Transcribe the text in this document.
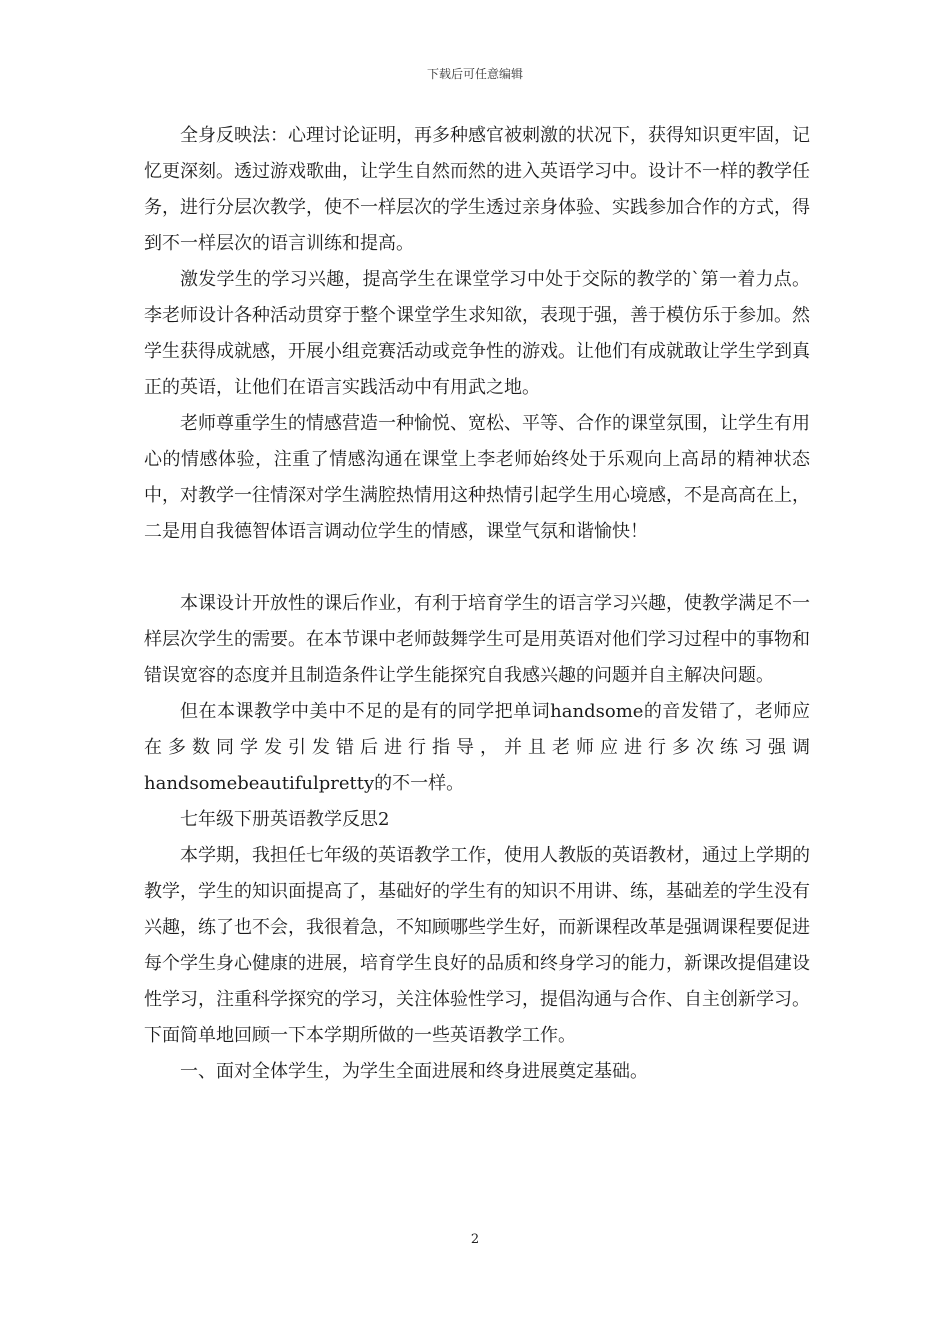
下载后可任意编辑

全身反映法：心理讨论证明，再多种感官被刺激的状况下，获得知识更牢固，记忆更深刻。透过游戏歌曲，让学生自然而然的进入英语学习中。设计不一样的教学任务，进行分层次教学，使不一样层次的学生透过亲身体验、实践参加合作的方式，得到不一样层次的语言训练和提高。

激发学生的学习兴趣，提高学生在课堂学习中处于交际的教学的`第一着力点。李老师设计各种活动贯穿于整个课堂学生求知欲，表现于强，善于模仿乐于参加。然学生获得成就感，开展小组竞赛活动或竞争性的游戏。让他们有成就敢让学生学到真正的英语，让他们在语言实践活动中有用武之地。

老师尊重学生的情感营造一种愉悦、宽松、平等、合作的课堂氛围，让学生有用心的情感体验，注重了情感沟通在课堂上李老师始终处于乐观向上高昂的精神状态中，对教学一往情深对学生满腔热情用这种热情引起学生用心境感，不是高高在上，二是用自我德智体语言调动位学生的情感，课堂气氛和谐愉快！

本课设计开放性的课后作业，有利于培育学生的语言学习兴趣，使教学满足不一样层次学生的需要。在本节课中老师鼓舞学生可是用英语对他们学习过程中的事物和错误宽容的态度并且制造条件让学生能探究自我感兴趣的问题并自主解决问题。

但在本课教学中美中不足的是有的同学把单词handsome的音发错了，老师应在多数同学发引发错后进行指导，并且老师应进行多次练习强调handsomebeautifulpretty的不一样。

七年级下册英语教学反思2

本学期，我担任七年级的英语教学工作，使用人教版的英语教材，通过上学期的教学，学生的知识面提高了，基础好的学生有的知识不用讲、练，基础差的学生没有兴趣，练了也不会，我很着急，不知顾哪些学生好，而新课程改革是强调课程要促进每个学生身心健康的进展，培育学生良好的品质和终身学习的能力，新课改提倡建设性学习，注重科学探究的学习，关注体验性学习，提倡沟通与合作、自主创新学习。下面简单地回顾一下本学期所做的一些英语教学工作。

一、面对全体学生，为学生全面进展和终身进展奠定基础。

2
